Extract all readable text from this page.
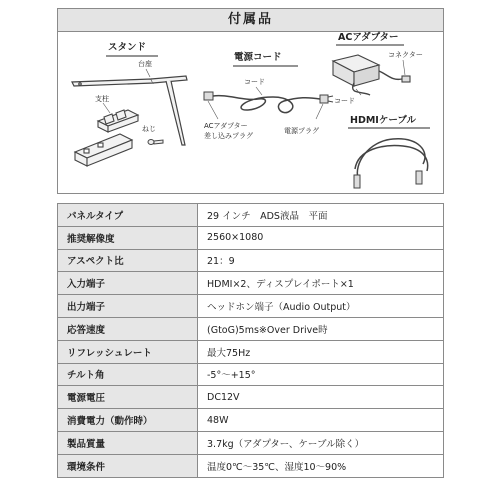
付属品
スタンド
台座
支柱
ねじ
電源コード
コード
ACアダプター
差し込みプラグ
電源プラグ
ACアダプター
コネクター
コード
HDMIケーブル
パネルタイプ	29 インチ　ADS液晶　平面
推奨解像度	2560×1080
アスペクト比	21：9
入力端子	HDMI×2、ディスプレイポート×1
出力端子	ヘッドホン端子（Audio Output）
応答速度	(GtoG)5ms※Over Drive時
リフレッシュレート	最大75Hz
チルト角	-5°～+15°
電源電圧	DC12V
消費電力（動作時）	48W
製品質量	3.7kg（アダプター、ケーブル除く）
環境条件	温度0℃～35℃、湿度10～90%
